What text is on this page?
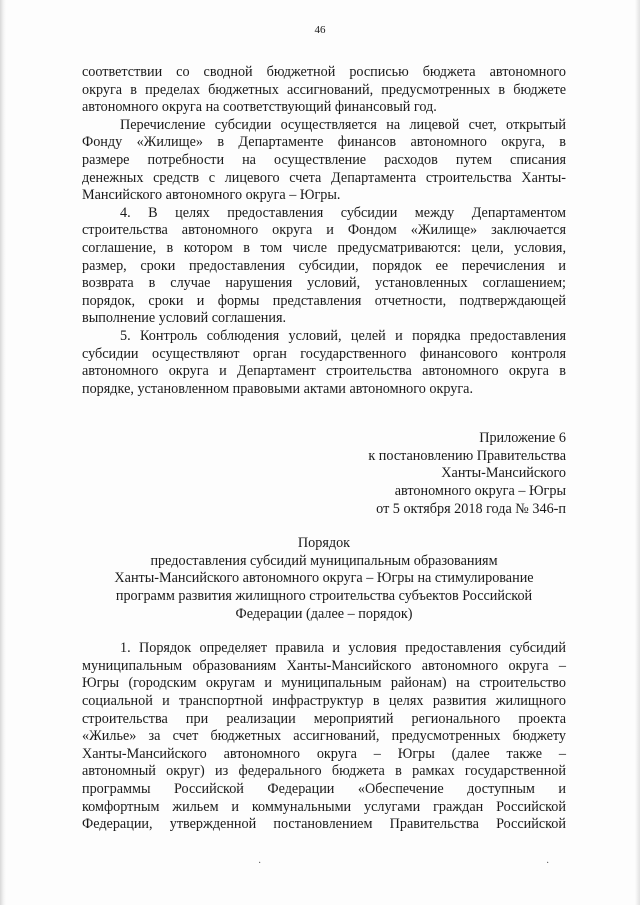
46

соответствии со сводной бюджетной росписью бюджета автономного
округа в пределах бюджетных ассигнований, предусмотренных в бюджете
автономного округа на соответствующий финансовый год.

Перечисление субсидии осуществляется на лицевой счет, открытый
Фонду «Жилище» в Департаменте финансов автономного округа, в
размере потребности на осуществление расходов путем списания
денежных средств с лицевого счета Департамента строительства Ханты-
Мансийского автономного округа – Югры.

4. В целях предоставления субсидии между Департаментом
строительства автономного округа и Фондом «Жилище» заключается
соглашение, в котором в том числе предусматриваются: цели, условия,
размер, сроки предоставления субсидии, порядок ее перечисления и
возврата в случае нарушения условий, установленных соглашением;
порядок, сроки и формы представления отчетности, подтверждающей
выполнение условий соглашения.

5. Контроль соблюдения условий, целей и порядка предоставления
субсидии осуществляют орган государственного финансового контроля
автономного округа и Департамент строительства автономного округа в
порядке, установленном правовыми актами автономного округа.

Приложение 6
к постановлению Правительства
Ханты-Мансийского
автономного округа – Югры
от 5 октября 2018 года № 346-п
Порядок
предоставления субсидий муниципальным образованиям
Ханты-Мансийского автономного округа – Югры на стимулирование
программ развития жилищного строительства субъектов Российской
Федерации (далее – порядок)

1. Порядок определяет правила и условия предоставления субсидий
муниципальным образованиям Ханты-Мансийского автономного округа –
Югры (городским округам и муниципальным районам) на строительство
социальной и транспортной инфраструктур в целях развития жилищного
строительства при реализации мероприятий регионального проекта
«Жилье» за счет бюджетных ассигнований, предусмотренных бюджету
Ханты-Мансийского автономного округа – Югры (далее также –
автономный округ) из федерального бюджета в рамках государственной
программы Российской Федерации «Обеспечение доступным и
комфортным жильем и коммунальными услугами граждан Российской
Федерации, утвержденной постановлением Правительства Российской

·	·
